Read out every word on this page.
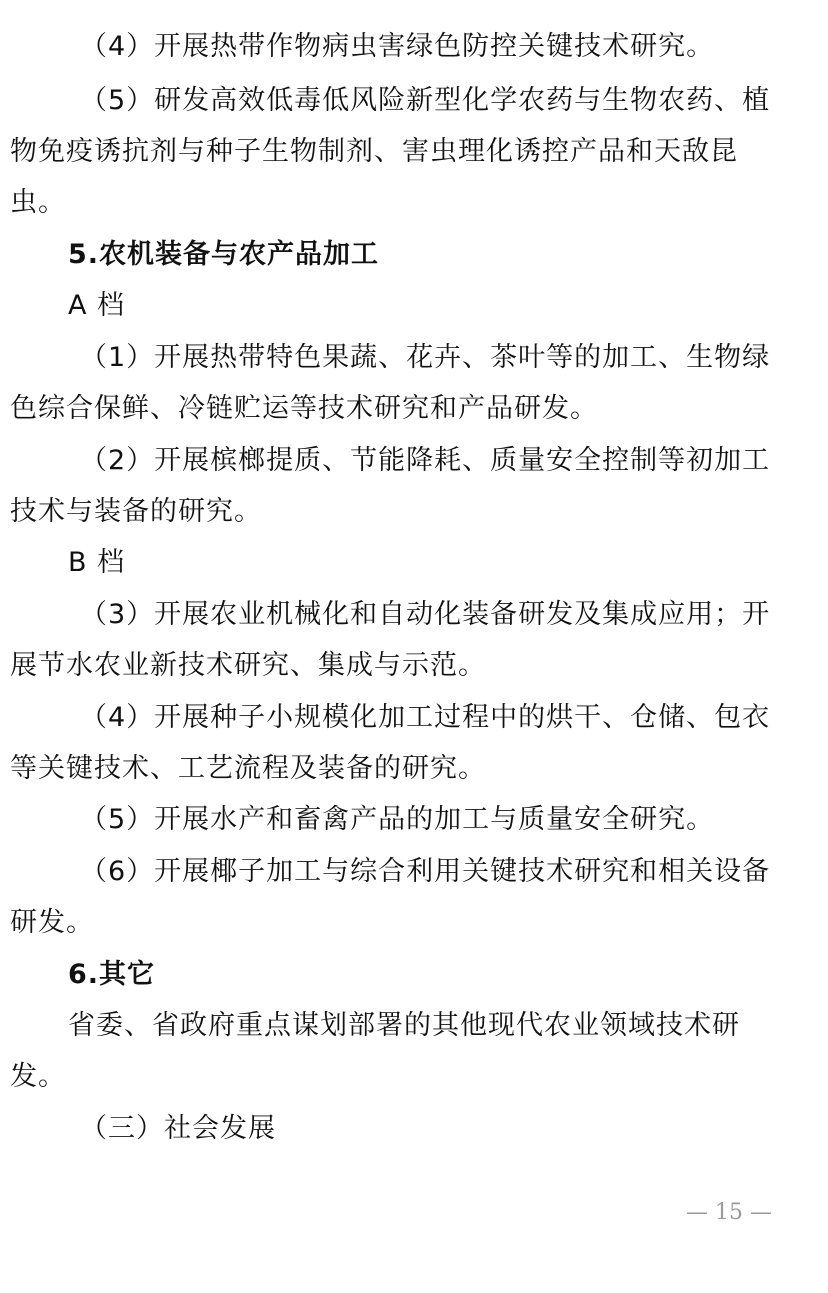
（4）开展热带作物病虫害绿色防控关键技术研究。
（5）研发高效低毒低风险新型化学农药与生物农药、植
物免疫诱抗剂与种子生物制剂、害虫理化诱控产品和天敌昆
虫。
5.农机装备与农产品加工
A 档
（1）开展热带特色果蔬、花卉、茶叶等的加工、生物绿
色综合保鲜、冷链贮运等技术研究和产品研发。
（2）开展槟榔提质、节能降耗、质量安全控制等初加工
技术与装备的研究。
B 档
（3）开展农业机械化和自动化装备研发及集成应用；开
展节水农业新技术研究、集成与示范。
（4）开展种子小规模化加工过程中的烘干、仓储、包衣
等关键技术、工艺流程及装备的研究。
（5）开展水产和畜禽产品的加工与质量安全研究。
（6）开展椰子加工与综合利用关键技术研究和相关设备
研发。
6.其它
省委、省政府重点谋划部署的其他现代农业领域技术研
发。
（三）社会发展
— 15 —
